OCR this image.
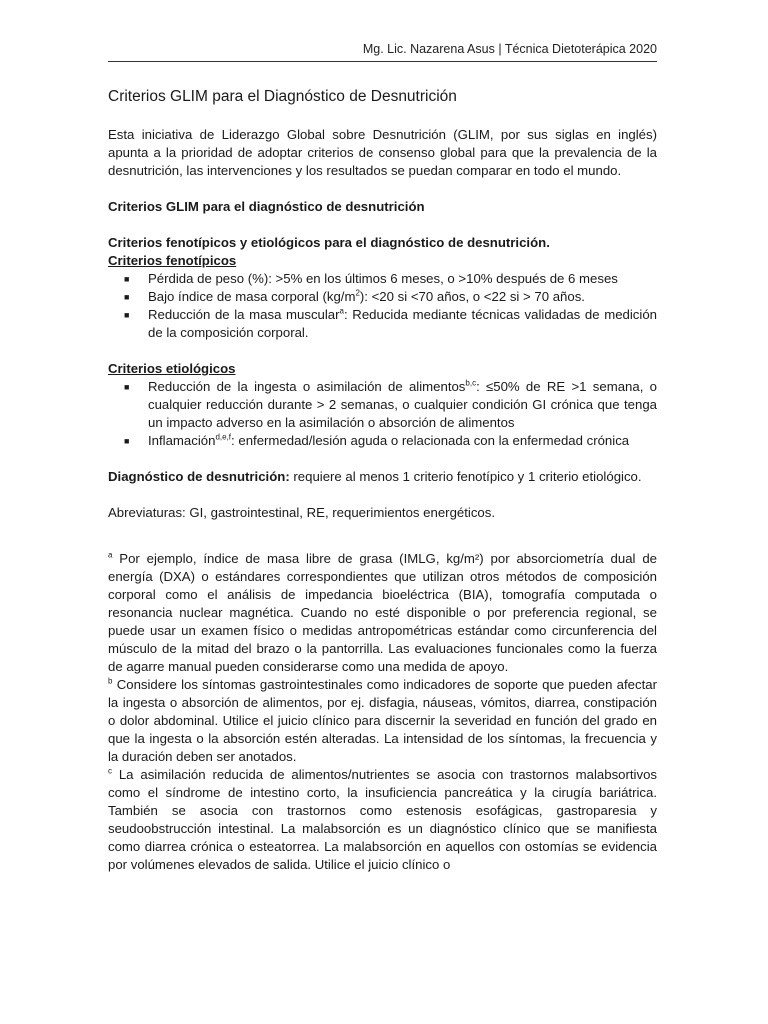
Mg. Lic. Nazarena Asus | Técnica Dietoterápica 2020
Criterios GLIM para el Diagnóstico de Desnutrición

Esta iniciativa de Liderazgo Global sobre Desnutrición (GLIM, por sus siglas en inglés) apunta a la prioridad de adoptar criterios de consenso global para que la prevalencia de la desnutrición, las intervenciones y los resultados se puedan comparar en todo el mundo.

Criterios GLIM para el diagnóstico de desnutrición

Criterios fenotípicos y etiológicos para el diagnóstico de desnutrición.

Criterios fenotípicos

■ Pérdida de peso (%): >5% en los últimos 6 meses, o >10% después de 6 meses
■ Bajo índice de masa corporal $(kg/m^2)$: <20 si <70 años, o <22 si > 70 años.
■ Reducción de la masa muscular$^a$: Reducida mediante técnicas validadas de medición de la composición corporal.

Criterios etiológicos

■ Reducción de la ingesta o asimilación de alimentos$^{b,c}$: ≤50% de RE >1 semana, o cualquier reducción durante > 2 semanas, o cualquier condición GI crónica que tenga un impacto adverso en la asimilación o absorción de alimentos
■ Inflamación$^{d,e,f}$: enfermedad/lesión aguda o relacionada con la enfermedad crónica

Diagnóstico de desnutrición: requiere al menos 1 criterio fenotípico y 1 criterio etiológico.

Abreviaturas: GI, gastrointestinal, RE, requerimientos energéticos.

$^a$ Por ejemplo, índice de masa libre de grasa (IMLG, kg/m²) por absorciometría dual de energía (DXA) o estándares correspondientes que utilizan otros métodos de composición corporal como el análisis de impedancia bioeléctrica (BIA), tomografía computada o resonancia nuclear magnética. Cuando no esté disponible o por preferencia regional, se puede usar un examen físico o medidas antropométricas estándar como circunferencia del músculo de la mitad del brazo o la pantorrilla. Las evaluaciones funcionales como la fuerza de agarre manual pueden considerarse como una medida de apoyo.

$^b$ Considere los síntomas gastrointestinales como indicadores de soporte que pueden afectar la ingesta o absorción de alimentos, por ej. disfagia, náuseas, vómitos, diarrea, constipación o dolor abdominal. Utilice el juicio clínico para discernir la severidad en función del grado en que la ingesta o la absorción estén alteradas. La intensidad de los síntomas, la frecuencia y la duración deben ser anotados.

$^c$ La asimilación reducida de alimentos/nutrientes se asocia con trastornos malabsortivos como el síndrome de intestino corto, la insuficiencia pancreática y la cirugía bariátrica. También se asocia con trastornos como estenosis esofágicas, gastroparesia y seudoobstrucción intestinal. La malabsorción es un diagnóstico clínico que se manifiesta como diarrea crónica o esteatorrea. La malabsorción en aquellos con ostomías se evidencia por volúmenes elevados de salida. Utilice el juicio clínico o
